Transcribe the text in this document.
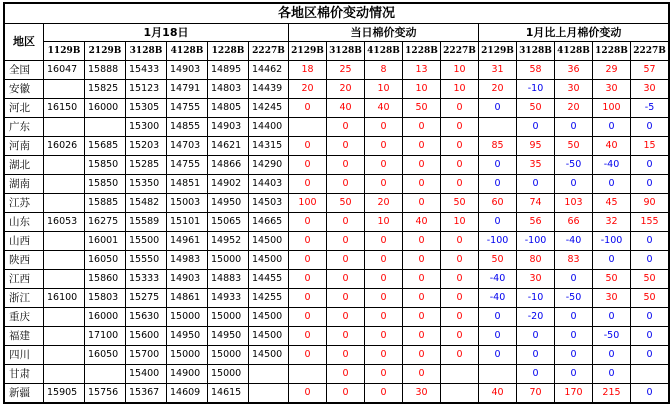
各地区棉价变动情况																
地区	1月18日						当日棉价变动					1月比上月棉价变动				
	1129B	2129B	3128B	4128B	1228B	2227B	2129B	3128B	4128B	1228B	2227B	2129B	3128B	4128B	1228B	2227B
全国	16047	15888	15433	14903	14895	14462	18	25	8	13	10	31	58	36	29	57
安徽		15825	15123	14791	14803	14439	20	20	10	10	10	20	-10	30	30	30
河北	16150	16000	15305	14755	14805	14245	0	40	40	50	0	0	50	20	100	-5
广东			15300	14855	14903	14400		0	0	0	0		0	0	0	0
河南	16026	15685	15203	14703	14621	14315	0	0	0	0	0	85	95	50	40	15
湖北		15850	15285	14755	14866	14290	0	0	0	0	0	0	35	-50	-40	0
湖南		15850	15350	14851	14902	14403	0	0	0	0	0	0	0	0	0	0
江苏		15885	15482	15003	14950	14503	100	50	20	0	50	60	74	103	45	90
山东	16053	16275	15589	15101	15065	14665	0	0	10	40	10	0	56	66	32	155
山西		16001	15500	14961	14952	14500	0	0	0	0	0	-100	-100	-40	-100	0
陕西		16050	15550	14983	15000	14500	0	0	0	0	0	50	80	83	0	0
江西		15860	15333	14903	14883	14455	0	0	0	0	0	-40	30	0	50	50
浙江	16100	15803	15275	14861	14933	14255	0	0	0	0	0	-40	-10	-50	30	50
重庆		16000	15630	15000	15000	14500	0	0	0	0	0	0	-20	0	0	0
福建		17100	15600	14950	14950	14500	0	0	0	0	0	0	0	0	-50	0
四川		16050	15700	15000	15000	14500	0	0	0	0	0	0	0	0	0	0
甘肃			15400	14900	15000			0	0	0			0	0	0	
新疆	15905	15756	15367	14609	14615		0	0	0	30		40	70	170	215	0
